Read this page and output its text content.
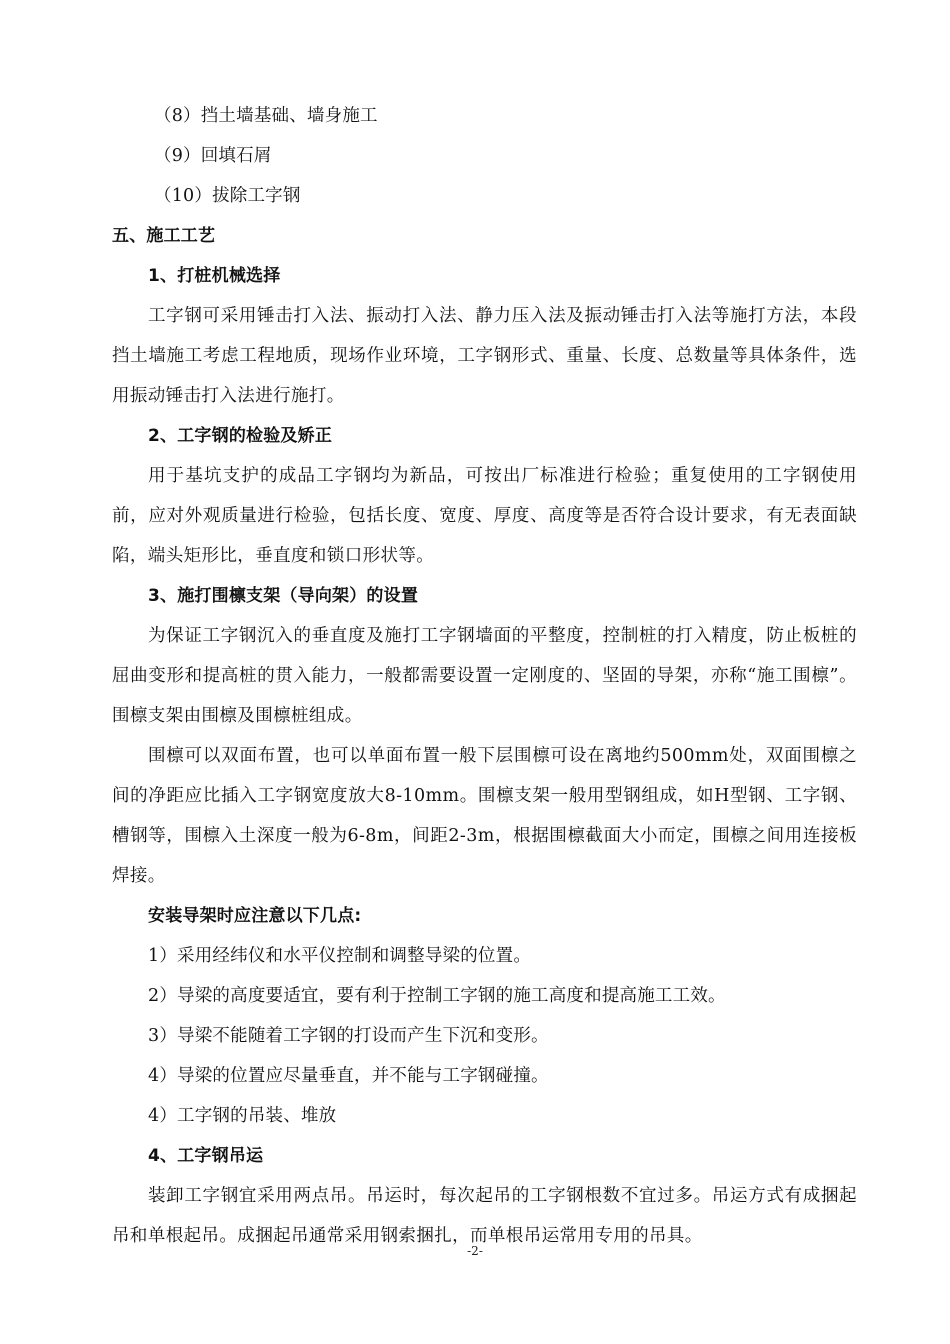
（8）挡土墙基础、墙身施工
（9）回填石屑
（10）拔除工字钢
五、施工工艺
1、打桩机械选择

工字钢可采用锤击打入法、振动打入法、静力压入法及振动锤击打入法等施打方法，本段挡土墙施工考虑工程地质，现场作业环境，工字钢形式、重量、长度、总数量等具体条件，选用振动锤击打入法进行施打。

2、工字钢的检验及矫正

用于基坑支护的成品工字钢均为新品，可按出厂标准进行检验；重复使用的工字钢使用前，应对外观质量进行检验，包括长度、宽度、厚度、高度等是否符合设计要求，有无表面缺陷，端头矩形比，垂直度和锁口形状等。

3、施打围檩支架（导向架）的设置

为保证工字钢沉入的垂直度及施打工字钢墙面的平整度，控制桩的打入精度，防止板桩的屈曲变形和提高桩的贯入能力，一般都需要设置一定刚度的、坚固的导架，亦称“施工围檩”。围檩支架由围檩及围檩桩组成。

围檩可以双面布置，也可以单面布置一般下层围檩可设在离地约500mm处，双面围檩之间的净距应比插入工字钢宽度放大8-10mm。围檩支架一般用型钢组成，如H型钢、工字钢、槽钢等，围檩入土深度一般为6-8m，间距2-3m，根据围檩截面大小而定，围檩之间用连接板焊接。

安装导架时应注意以下几点:
1）采用经纬仪和水平仪控制和调整导梁的位置。
2）导梁的高度要适宜，要有利于控制工字钢的施工高度和提高施工工效。
3）导梁不能随着工字钢的打设而产生下沉和变形。
4）导梁的位置应尽量垂直，并不能与工字钢碰撞。
4）工字钢的吊装、堆放
4、工字钢吊运

装卸工字钢宜采用两点吊。吊运时，每次起吊的工字钢根数不宜过多。吊运方式有成捆起吊和单根起吊。成捆起吊通常采用钢索捆扎，而单根吊运常用专用的吊具。

-2-
